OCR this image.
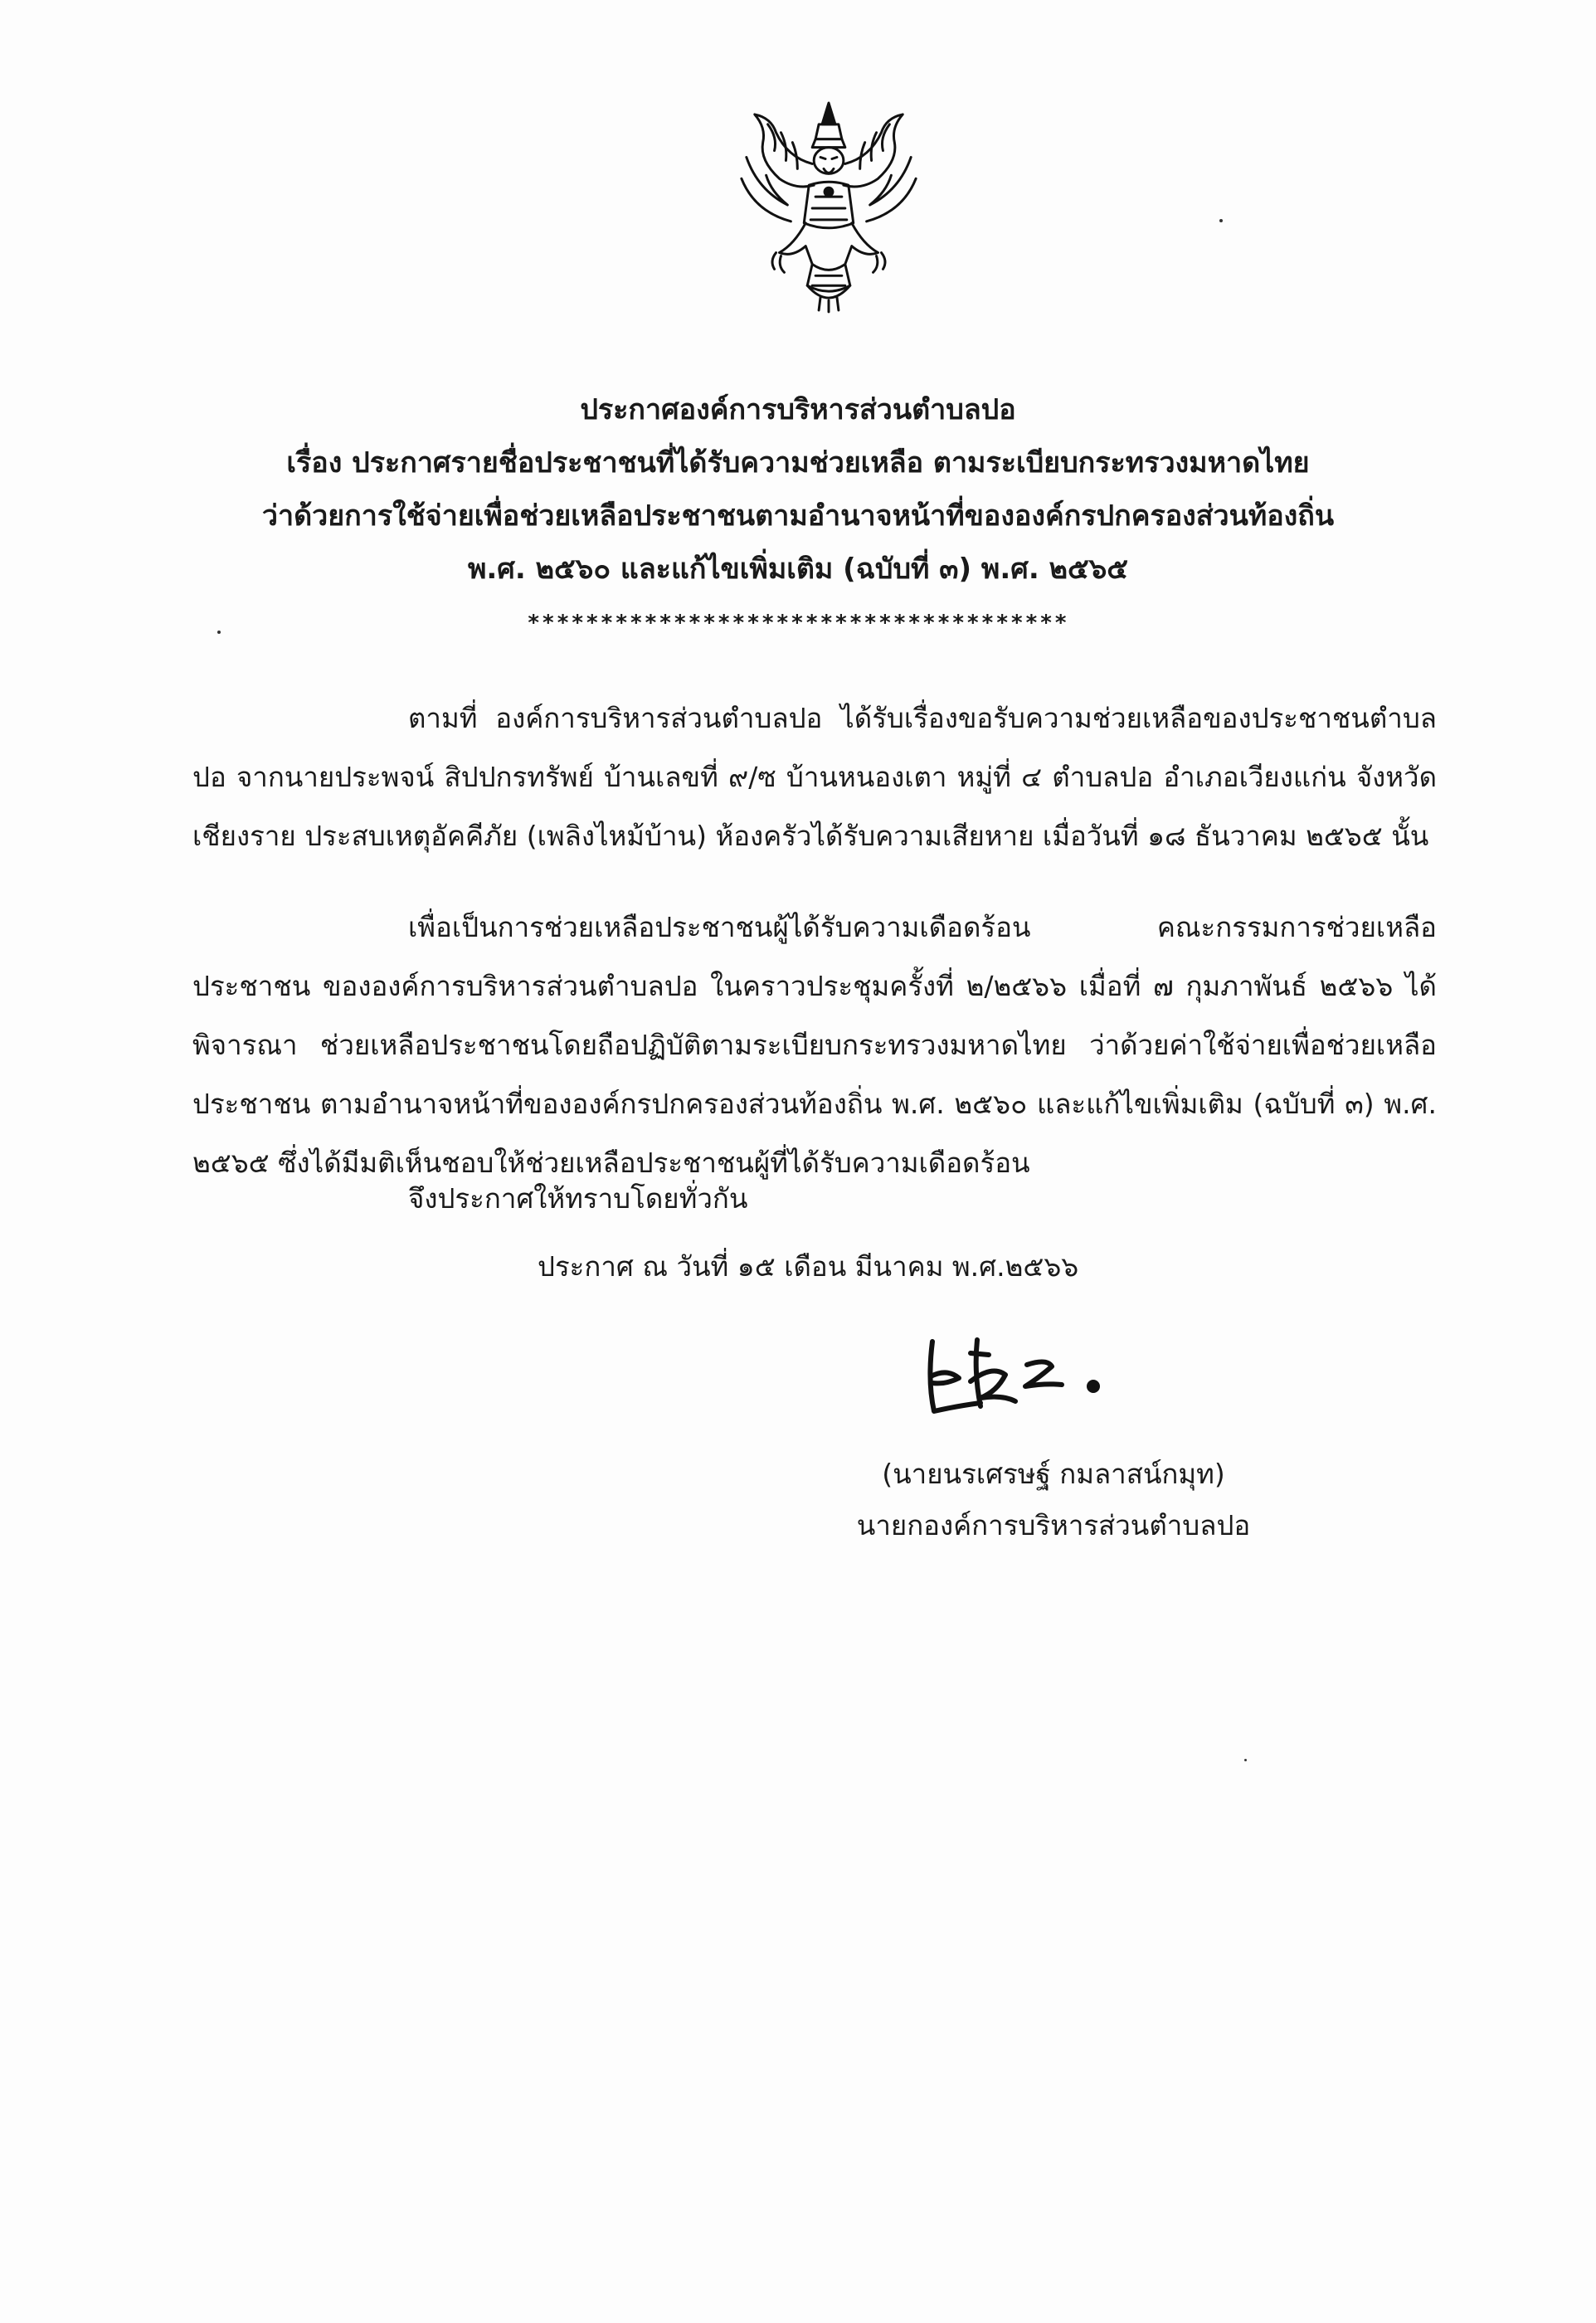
ประกาศองค์การบริหารส่วนตำบลปอ
เรื่อง ประกาศรายชื่อประชาชนที่ได้รับความช่วยเหลือ ตามระเบียบกระทรวงมหาดไทย
ว่าด้วยการใช้จ่ายเพื่อช่วยเหลือประชาชนตามอำนาจหน้าที่ขององค์กรปกครองส่วนท้องถิ่น
พ.ศ. ๒๕๖๐ และแก้ไขเพิ่มเติม (ฉบับที่ ๓) พ.ศ. ๒๕๖๕
*************************************
ตามที่ องค์การบริหารส่วนตำบลปอ ได้รับเรื่องขอรับความช่วยเหลือของประชาชนตำบลปอ จากนายประพจน์ สิปปกรทรัพย์ บ้านเลขที่ ๙/ซ บ้านหนองเตา หมู่ที่ ๔ ตำบลปอ อำเภอเวียงแก่น จังหวัดเชียงราย ประสบเหตุอัคคีภัย (เพลิงไหม้บ้าน) ห้องครัวได้รับความเสียหาย เมื่อวันที่ ๑๘ ธันวาคม ๒๕๖๕ นั้น
เพื่อเป็นการช่วยเหลือประชาชนผู้ได้รับความเดือดร้อน คณะกรรมการช่วยเหลือประชาชน ขององค์การบริหารส่วนตำบลปอ ในคราวประชุมครั้งที่ ๒/๒๕๖๖ เมื่อที่ ๗ กุมภาพันธ์ ๒๕๖๖ ได้พิจารณา ช่วยเหลือประชาชนโดยถือปฏิบัติตามระเบียบกระทรวงมหาดไทย ว่าด้วยค่าใช้จ่ายเพื่อช่วยเหลือประชาชน ตามอำนาจหน้าที่ขององค์กรปกครองส่วนท้องถิ่น พ.ศ. ๒๕๖๐ และแก้ไขเพิ่มเติม (ฉบับที่ ๓) พ.ศ. ๒๕๖๕ ซึ่งได้มีมติเห็นชอบให้ช่วยเหลือประชาชนผู้ที่ได้รับความเดือดร้อน
จึงประกาศให้ทราบโดยทั่วกัน
ประกาศ ณ วันที่ ๑๕ เดือน มีนาคม พ.ศ.๒๕๖๖
(นายนรเศรษฐ์ กมลาสน์กมุท)
นายกองค์การบริหารส่วนตำบลปอ
